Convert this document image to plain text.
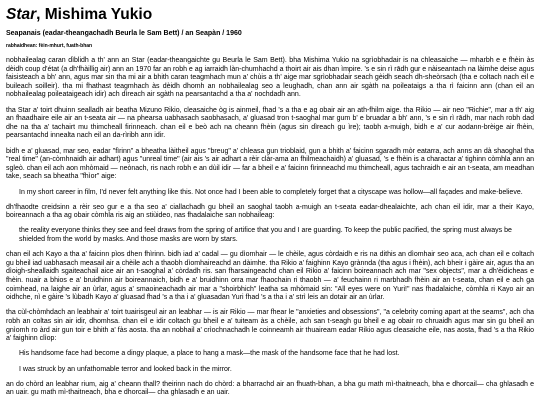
Star, Mishima Yukio
Seapanais (eadar-theangachadh Beurla le Sam Bett) / an Seapàn / 1960
rabhaidhean: fèin-mhurt, fuath-bhan

nobhailealag caran dìblidh a th' ann an Star (eadar-theangaichte gu Beurla le Sam Bett). bha Mishima Yukio na sgrìobhadair is na chleasaiche — mharbh e e fhèin às dèidh coup d'état (a dh'fhàillig air) ann an 1970 far an robh e ag iarraidh làn-chumhachd a thoirt air ais dhan ìmpire. 's e sin rì rādh gur e nàiseantach na làimhe deise agus faisisteach a bh' ann, agus mar sin tha mi air a bhith caran teagmhach mun a' chùis a th' aige mar sgrìobhadair seach gèidh seach dh-sheòrsach (tha e coltach nach eil e buileach soilleir). tha mi fhathast teagmhach às dèidh dhomh an nobhailealag seo a leughadh, chan ann air sgàth na poileataigs a tha rì faicinn ann (chan eil an nobhailealag poileataigeach idir) ach dìreach air sgàth na pearsantachd a tha a' nochdadh ann.

tha Star a' toirt dhuinn sealladh air beatha Mizuno Rikio, cleasaiche òg is ainmeil, fhad 's a tha e ag obair air an ath-fhilm aige. tha Rikio — air neo "Richie", mar a th' aig an fhaadhaire eile air an t-seata air — na phearsa uabhasach saobhasach, a' gluasad tron t-saoghal mar gum b' e bruadar a bh' ann, 's e sin rì rādh, mar nach robh dad dhe na tha a' tachairt mu thimcheall firinneach. chan eil e beò ach na cheann fhèin (agus sin dìreach gu ìre); taobh a-muigh, bidh e a' cur aodann-brèige air fhèin, pearsantachd innealta nach eil an da-rìribh ann idir.

bidh e a' gluasad, mar seo, eadar "fìrinn" a bheatha làitheil agus "breug" a' chleasa gun trioblaid, gun a bhith a' faicinn sgaradh mòr eatarra, ach anns an dà shaoghal tha "real time" (an-còmhnaidh air adhart) agus "unreal time" (air ais 's air adhart a rèir clàr-ama an fhilmeachaidh) a' gluasad, 's e fhèin is a charactar a' tighinn còmhla ann an sgleò. chan eil ach aon mhòmaid — neònach, ris nach robh e an dùil idir — far a bheil e a' faicinn fìrinneachd mu thimcheall, agus tachraidh e air an t-seata, am meadhan take, seach sa bheatha "fhìor" aige:

In my short career in film, I'd never felt anything like this. Not once had I been able to completely forget that a cityscape was hollow—all façades and make-believe.

dh'fhaodte creidsinn a rèir seo gur e a tha seo a' ciallachadh gu bheil an saoghal taobh a-muigh an t-seata eadar-dhealaichte, ach chan eil idir, mar a their Kayo, boireannach a tha ag obair còmhla ris aig an stiùideo, nas fhadalaiche san nobhaileag:

the reality everyone thinks they see and feel draws from the spring of artifice that you and I are guarding. To keep the public pacified, the spring must always be shielded from the world by masks. And those masks are worn by stars.

chan eil ach Kayo a tha a' faicinn pìos dhen fhìrinn. bidh iad a' cadal — gu dìomhair — le chèile, agus còrdaidh e ris na dithis an dìomhair seo aca, ach chan eil e coltach gu bheil iad uabhasach measail air a chèile ach a thaobh dìomhaireachd an dàimhe. tha Rikio a' faighinn Kayo grànnda (tha agus i fhèin), ach bheir i gàire air, agus tha an dìoigh-sheallaidh sgaiteachail aice air an t-saoghal a' còrdadh ris. san fharsaingeachd chan eil Rikio a' faicinn boireannach ach mar "sex objects", mar a dh'èidicheas e fhèin. nuair a bhios e a' bruidhinn air boireannaich, bidh e a' bruidhinn orra mar fhaochain ri thaobh — a' feuchainn ri marbhadh fhèin air an t-seata, chan eil e ach ga coimhead, na laighe air an ùrlar, agus a' smaoineachadh air mar a "shoirbhich" leatha sa mhòmaid sin: "All eyes were on Yuri!" nas fhadalaiche, còmhla ri Kayo air an oidhche, nì e gàire 's lùbadh Kayo a' gluasad fhad 's a tha i a' gluasadan Yuri fhad 's a tha i a' strì leis an dotair air an ùrlar.

tha cùl-chòmhdach an leabhair a' toirt tuairisgeul air an leabhar — is air Rikio — mar fhear le "anxieties and obsessions", "a celebrity coming apart at the seams", ach cha robh an coltas sin air idir, dhomhsa. chan eil e idir coltach gu bheil e a' tuiteam às a chèile, ach san t-seagh gu bheil e ag obair ro chruaidh agus mar sin gu bheil an gnìomh ro àrd air gun toir e bhith a' fàs aosta. tha an nobhail a' crìochnachadh le coinneamh air thuaiream eadar Rikio agus cleasaiche eile, nas aosta, fhad 's a tha Rikio a' faighinn clìop:

His handsome face had become a dingy plaque, a place to hang a mask—the mask of the handsome face that he had lost.
I was struck by an unfathomable terror and looked back in the mirror.

an do chòrd an leabhar rium, aig a' cheann thall? theirinn nach do chòrd: a bharrachd air an fhuath-bhan, a bha gu math mì-thaitneach, bha e dhorcail— cha ghlasadh e an uair. gu math mì-thaitneach, bha e dhorcail— cha ghlasadh e an uair.
